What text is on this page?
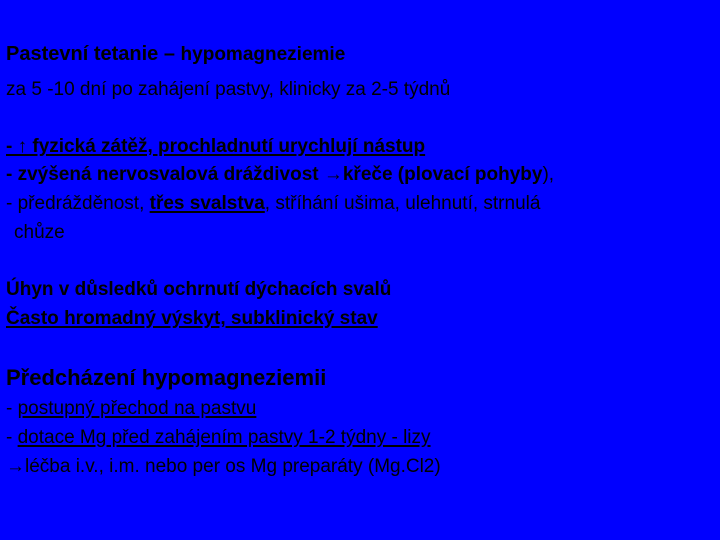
Pastevní tetanie – hypomagneziemie
za 5 -10 dní po zahájení pastvy, klinicky za 2-5 týdnů
- ↑ fyzická zátěž, prochladnutí urychlují nástup
- zvýšená nervosvalová dráždivost →křeče (plovací pohyby),
- předrážděnost, třes svalstva, stříhání ušima, ulehnutí, strnulá
chůze
Úhyn v důsledků ochrnutí dýchacích svalů
Často hromadný výskyt, subklinický stav
Předcházení hypomagneziemii
- postupný přechod na pastvu
- dotace Mg před zahájením pastvy 1-2 týdny - lizy
→léčba i.v., i.m. nebo per os Mg preparáty (Mg.Cl2)
